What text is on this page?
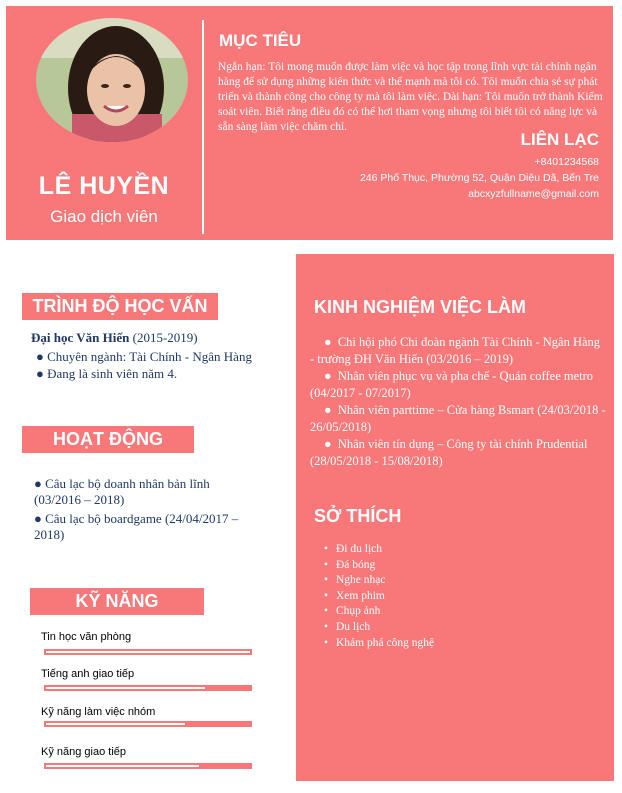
LÊ HUYỀN
Giao dịch viên
MỤC TIÊU
Ngắn hạn: Tôi mong muốn được làm việc và học tập trong lĩnh vực tài chính ngân hàng để sử dụng những kiến thức và thế mạnh mà tôi có. Tôi muốn chia sẻ sự phát triển và thành công cho công ty mà tôi làm việc. Dài hạn: Tôi muốn trở thành Kiểm soát viên. Biết rằng điều đó có thể hơi tham vọng nhưng tôi biết tôi có năng lực và sẵn sàng làm việc chăm chỉ.
LIÊN LẠC
+8401234568
246 Phố Thục, Phường 52, Quận Diệu Dã, Bến Tre
abcxyzfullname@gmail.com
TRÌNH ĐỘ HỌC VẤN
Đại học Văn Hiến (2015-2019)
● Chuyên ngành: Tài Chính - Ngân Hàng
● Đang là sinh viên năm 4.
HOẠT ĐỘNG
● Câu lạc bộ doanh nhân bản lĩnh (03/2016 – 2018)
● Câu lạc bộ boardgame (24/04/2017 – 2018)
KỸ NĂNG
Tin học văn phòng
Tiếng anh giao tiếp
Kỹ năng làm việc nhóm
Kỹ năng giao tiếp
KINH NGHIỆM VIỆC LÀM
●  Chi hội phó Chi đoàn ngành Tài Chính - Ngân Hàng - trường ĐH Văn Hiến (03/2016 – 2019)
●  Nhân viên phục vụ và pha chế - Quán coffee metro (04/2017 - 07/2017)
●  Nhân viên parttime – Cửa hàng Bsmart (24/03/2018 - 26/05/2018)
●  Nhân viên tín dụng – Công ty tài chính Prudential (28/05/2018 - 15/08/2018)
SỞ THÍCH
• Đi du lịch
• Đá bóng
• Nghe nhạc
• Xem phim
• Chụp ảnh
• Du lịch
• Khám phá công nghệ
